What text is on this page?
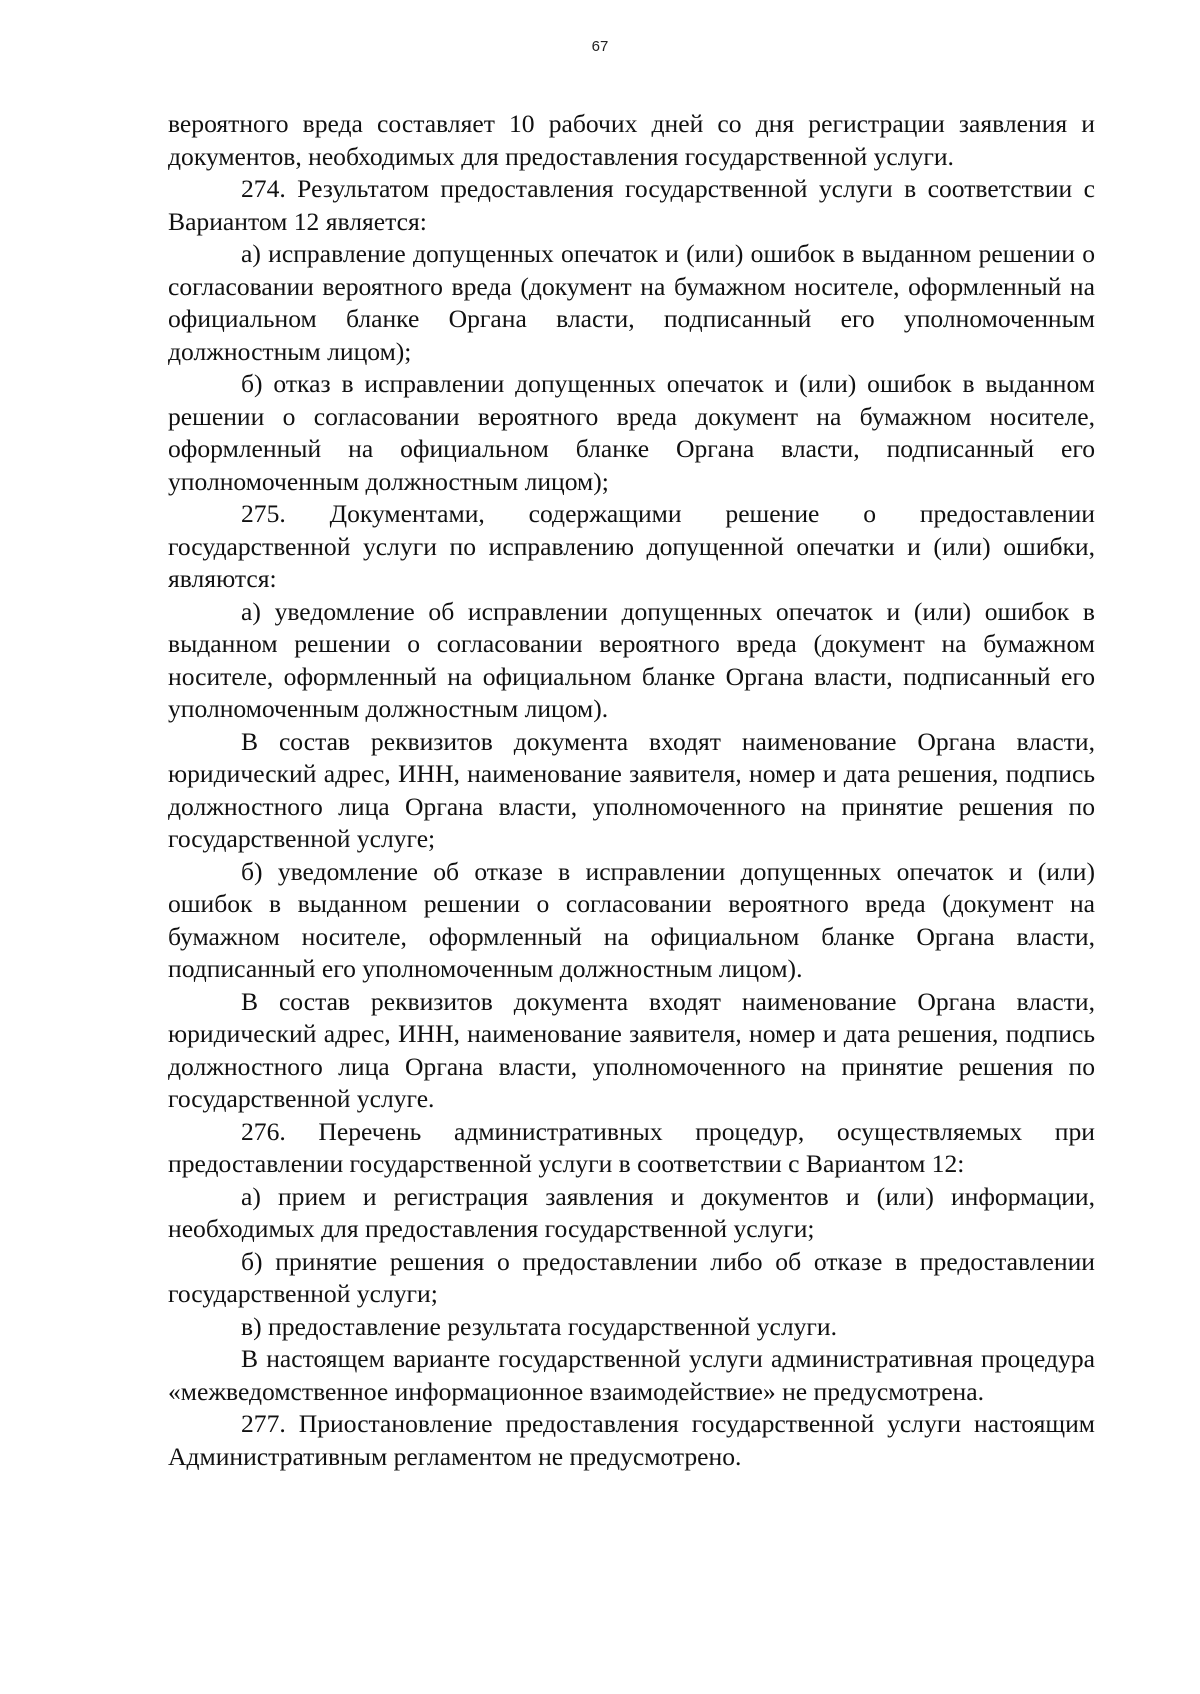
67

вероятного вреда составляет 10 рабочих дней со дня регистрации заявления и документов, необходимых для предоставления государственной услуги.

274. Результатом предоставления государственной услуги в соответствии с Вариантом 12 является:

а) исправление допущенных опечаток и (или) ошибок в выданном решении о согласовании вероятного вреда (документ на бумажном носителе, оформленный на официальном бланке Органа власти, подписанный его уполномоченным должностным лицом);

б) отказ в исправлении допущенных опечаток и (или) ошибок в выданном решении о согласовании вероятного вреда документ на бумажном носителе, оформленный на официальном бланке Органа власти, подписанный его уполномоченным должностным лицом);

275. Документами, содержащими решение о предоставлении государственной услуги по исправлению допущенной опечатки и (или) ошибки, являются:

а) уведомление об исправлении допущенных опечаток и (или) ошибок в выданном решении о согласовании вероятного вреда (документ на бумажном носителе, оформленный на официальном бланке Органа власти, подписанный его уполномоченным должностным лицом).

В состав реквизитов документа входят наименование Органа власти, юридический адрес, ИНН, наименование заявителя, номер и дата решения, подпись должностного лица Органа власти, уполномоченного на принятие решения по государственной услуге;

б) уведомление об отказе в исправлении допущенных опечаток и (или) ошибок в выданном решении о согласовании вероятного вреда (документ на бумажном носителе, оформленный на официальном бланке Органа власти, подписанный его уполномоченным должностным лицом).

В состав реквизитов документа входят наименование Органа власти, юридический адрес, ИНН, наименование заявителя, номер и дата решения, подпись должностного лица Органа власти, уполномоченного на принятие решения по государственной услуге.

276. Перечень административных процедур, осуществляемых при предоставлении государственной услуги в соответствии с Вариантом 12:

а) прием и регистрация заявления и документов и (или) информации, необходимых для предоставления государственной услуги;

б) принятие решения о предоставлении либо об отказе в предоставлении государственной услуги;

в) предоставление результата государственной услуги.

В настоящем варианте государственной услуги административная процедура «межведомственное информационное взаимодействие» не предусмотрена.

277. Приостановление предоставления государственной услуги настоящим Административным регламентом не предусмотрено.
